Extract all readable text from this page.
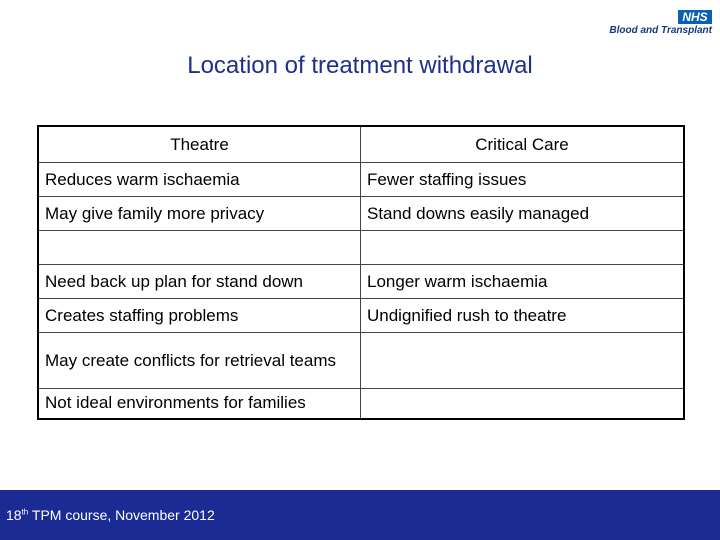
NHS
Blood and Transplant
Location of treatment withdrawal
Theatre	Critical Care
Reduces warm ischaemia	Fewer staffing issues
May give family more privacy	Stand downs easily managed

Need back up plan for stand down	Longer warm ischaemia
Creates staffing problems	Undignified rush to theatre
May create conflicts for retrieval teams	
Not ideal environments for families	
18th TPM course, November 2012
